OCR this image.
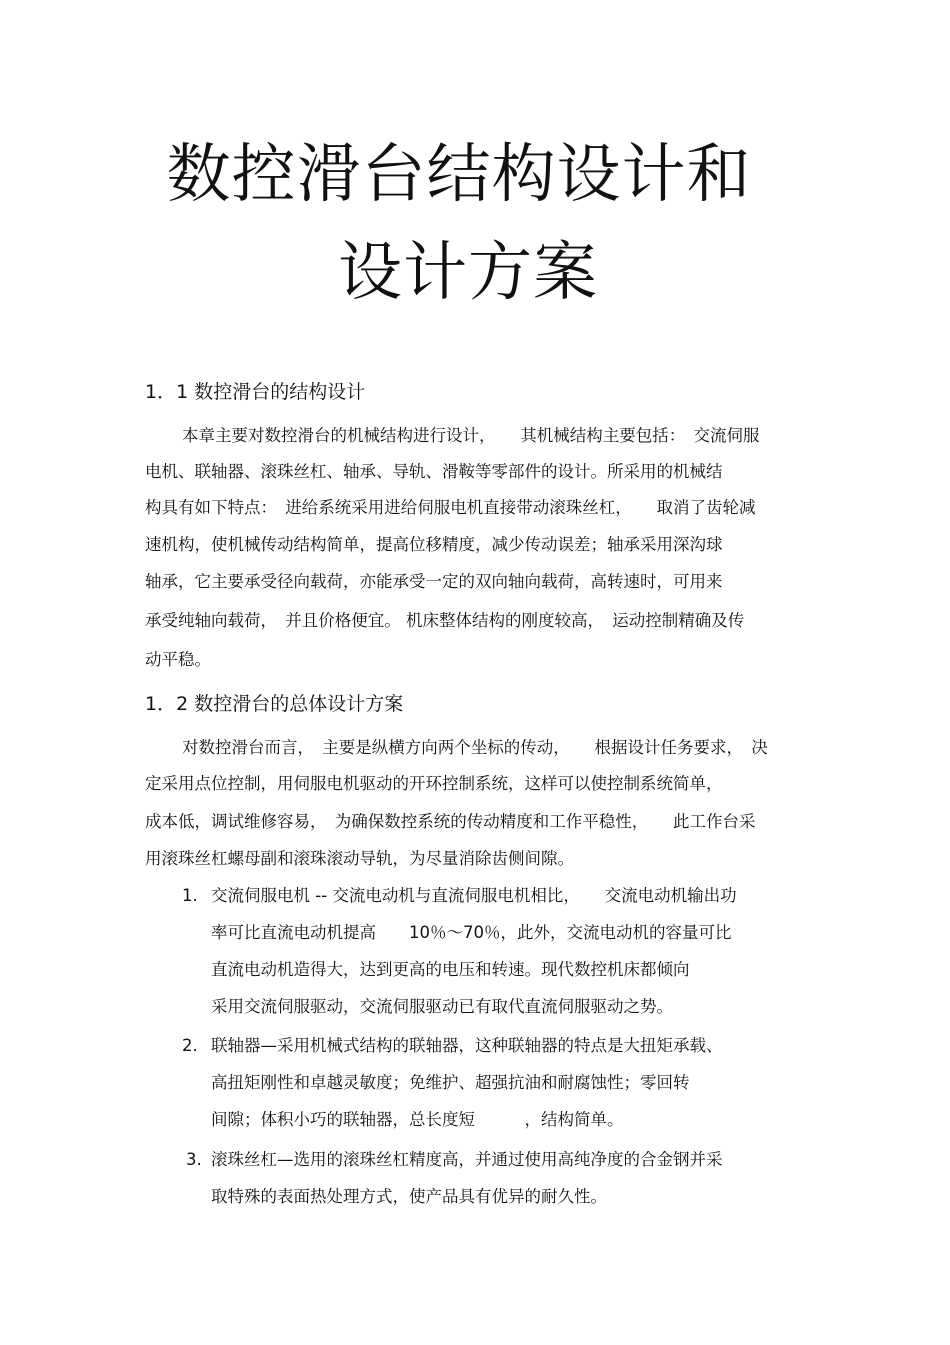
数控滑台结构设计和
设计方案
1．1 数控滑台的结构设计

本章主要对数控滑台的机械结构进行设计，　　其机械结构主要包括：　交流伺服

电机、联轴器、滚珠丝杠、轴承、导轨、滑鞍等零部件的设计。所采用的机械结

构具有如下特点：　进给系统采用进给伺服电机直接带动滚珠丝杠，　　取消了齿轮减

速机构，使机械传动结构简单，提高位移精度，减少传动误差；轴承采用深沟球

轴承，它主要承受径向载荷，亦能承受一定的双向轴向载荷，高转速时，可用来

承受纯轴向载荷，　并且价格便宜。 机床整体结构的刚度较高，　运动控制精确及传

动平稳。

1．2 数控滑台的总体设计方案

对数控滑台而言，　主要是纵横方向两个坐标的传动，　　根据设计任务要求，　决

定采用点位控制，用伺服电机驱动的开环控制系统，这样可以使控制系统简单，

成本低，调试维修容易，　为确保数控系统的传动精度和工作平稳性，　　此工作台采

用滚珠丝杠螺母副和滚珠滚动导轨，为尽量消除齿侧间隙。

1. 交流伺服电机 -- 交流电动机与直流伺服电机相比，　　交流电动机输出功

率可比直流电动机提高　　10％～70％，此外，交流电动机的容量可比

直流电动机造得大，达到更高的电压和转速。现代数控机床都倾向

采用交流伺服驱动，交流伺服驱动已有取代直流伺服驱动之势。

2. 联轴器—采用机械式结构的联轴器，这种联轴器的特点是大扭矩承载、

高扭矩刚性和卓越灵敏度；免维护、超强抗油和耐腐蚀性；零回转

间隙；体积小巧的联轴器，总长度短　　　，结构简单。

3. 滚珠丝杠—选用的滚珠丝杠精度高，并通过使用高纯净度的合金钢并采

取特殊的表面热处理方式，使产品具有优异的耐久性。
